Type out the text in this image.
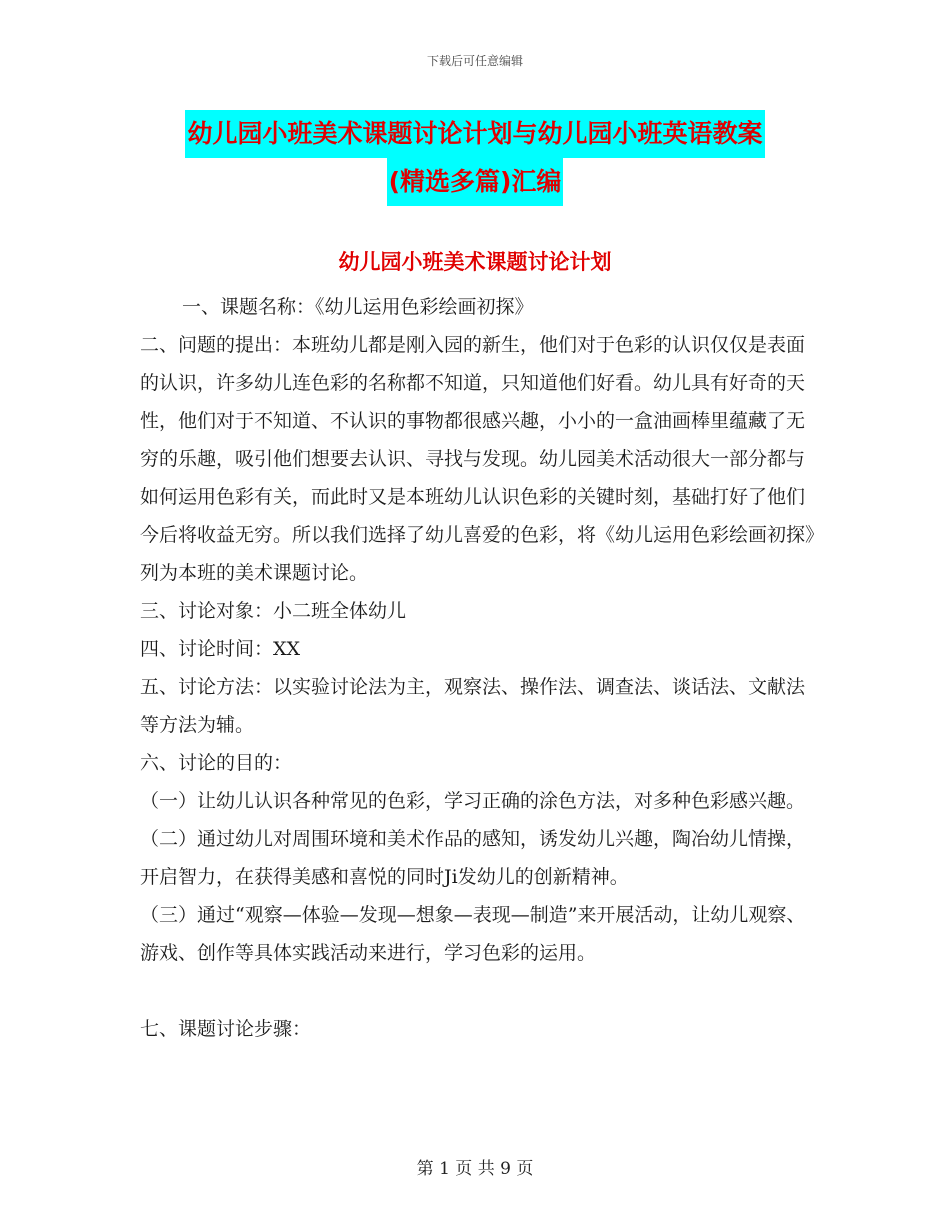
下载后可任意编辑
幼儿园小班美术课题讨论计划与幼儿园小班英语教案
(精选多篇)汇编
幼儿园小班美术课题讨论计划

一、课题名称：《幼儿运用色彩绘画初探》

二、问题的提出：本班幼儿都是刚入园的新生，他们对于色彩的认识仅仅是表面的认识，许多幼儿连色彩的名称都不知道，只知道他们好看。幼儿具有好奇的天性，他们对于不知道、不认识的事物都很感兴趣，小小的一盒油画棒里蕴藏了无穷的乐趣，吸引他们想要去认识、寻找与发现。幼儿园美术活动很大一部分都与如何运用色彩有关，而此时又是本班幼儿认识色彩的关键时刻，基础打好了他们今后将收益无穷。所以我们选择了幼儿喜爱的色彩，将《幼儿运用色彩绘画初探》列为本班的美术课题讨论。

三、讨论对象：小二班全体幼儿

四、讨论时间：XX

五、讨论方法：以实验讨论法为主，观察法、操作法、调查法、谈话法、文献法等方法为辅。

六、讨论的目的：

（一）让幼儿认识各种常见的色彩，学习正确的涂色方法，对多种色彩感兴趣。

（二）通过幼儿对周围环境和美术作品的感知，诱发幼儿兴趣，陶冶幼儿情操，开启智力，在获得美感和喜悦的同时Ji发幼儿的创新精神。

（三）通过“观察—体验—发现—想象—表现—制造”来开展活动，让幼儿观察、游戏、创作等具体实践活动来进行，学习色彩的运用。

七、课题讨论步骤：

第 1 页 共 9 页
